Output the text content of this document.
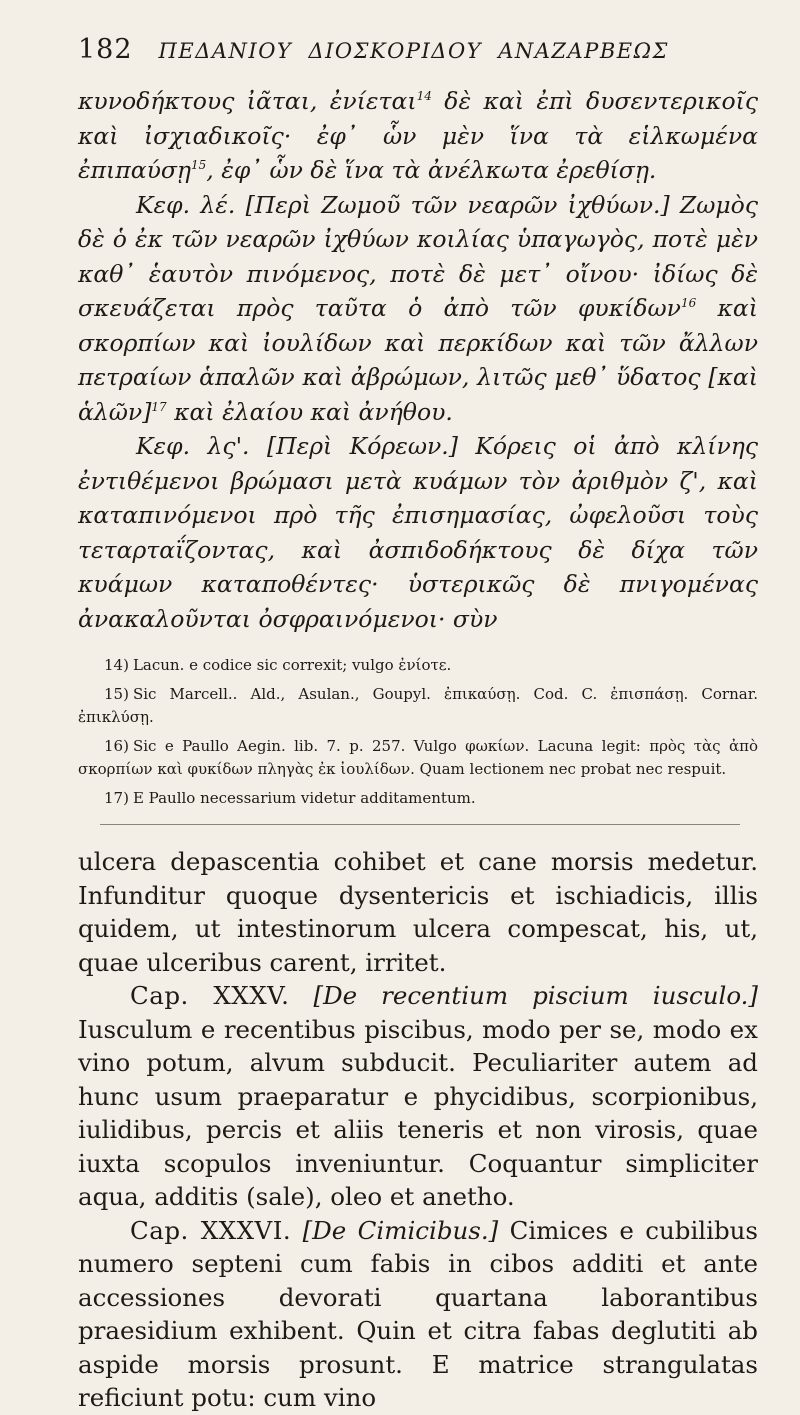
182 ΠΕΔΑΝΙΟΥ ΔΙΟΣΚΟΡΙΔΟΥ ΑΝΑΖΑΡΒΕΩΣ

κυνοδήκτους ἰᾶται, ἐνίεται$^{14}$ δὲ καὶ ἐπὶ δυσεντερικοῖς καὶ ἰσχιαδικοῖς· ἐφ᾿ ὧν μὲν ἵνα τὰ εἱλκωμένα ἐπιπαύσῃ$^{15}$, ἐφ᾿ ὧν δὲ ἵνα τὰ ἀνέλκωτα ἐρεθίσῃ.

Κεφ. λέ. [Περὶ Ζωμοῦ τῶν νεαρῶν ἰχθύων.] Ζωμὸς δὲ ὁ ἐκ τῶν νεαρῶν ἰχθύων κοιλίας ὑπαγωγὸς, ποτὲ μὲν καθ᾿ ἑαυτὸν πινόμενος, ποτὲ δὲ μετ᾿ οἴνου· ἰδίως δὲ σκευάζεται πρὸς ταῦτα ὁ ἀπὸ τῶν φυκίδων$^{16}$ καὶ σκορπίων καὶ ἰουλίδων καὶ περκίδων καὶ τῶν ἄλλων πετραίων ἁπαλῶν καὶ ἀβρώμων, λιτῶς μεθ᾿ ὕδατος [καὶ ἁλῶν]$^{17}$ καὶ ἐλαίου καὶ ἀνήθου.

Κεφ. λς'. [Περὶ Κόρεων.] Κόρεις οἱ ἀπὸ κλίνης ἐντιθέμενοι βρώμασι μετὰ κυάμων τὸν ἀριθμὸν ζ', καὶ καταπινόμενοι πρὸ τῆς ἐπισημασίας, ὠφελοῦσι τοὺς τεταρταΐζοντας, καὶ ἀσπιδοδήκτους δὲ δίχα τῶν κυάμων καταποθέντες· ὑστερικῶς δὲ πνιγομένας ἀνακαλοῦνται ὀσφραινόμενοι· σὺν

14) Lacun. e codice sic correxit; vulgo ἐνίοτε.

15) Sic Marcell.. Ald., Asulan., Goupyl. ἐπικαύσῃ. Cod. C. ἐπισπάσῃ. Cornar. ἐπικλύσῃ.

16) Sic e Paullo Aegin. lib. 7. p. 257. Vulgo φωκίων. Lacuna legit: πρὸς τὰς ἀπὸ σκορπίων καὶ φυκίδων πληγὰς ἐκ ἰουλίδων. Quam lectionem nec probat nec respuit.

17) E Paullo necessarium videtur additamentum.

ulcera depascentia cohibet et cane morsis medetur. Infunditur quoque dysentericis et ischiadicis, illis quidem, ut intestinorum ulcera compescat, his, ut, quae ulceribus carent, irritet.

Cap. XXXV. [De recentium piscium iusculo.] Iusculum e recentibus piscibus, modo per se, modo ex vino potum, alvum subducit. Peculiariter autem ad hunc usum praeparatur e phycidibus, scorpionibus, iulidibus, percis et aliis teneris et non virosis, quae iuxta scopulos inveniuntur. Coquantur simpliciter aqua, additis (sale), oleo et anetho.

Cap. XXXVI. [De Cimicibus.] Cimices e cubilibus numero septeni cum fabis in cibos additi et ante accessiones devorati quartana laborantibus praesidium exhibent. Quin et citra fabas deglutiti ab aspide morsis prosunt. E matrice strangulatas reficiunt potu: cum vino
